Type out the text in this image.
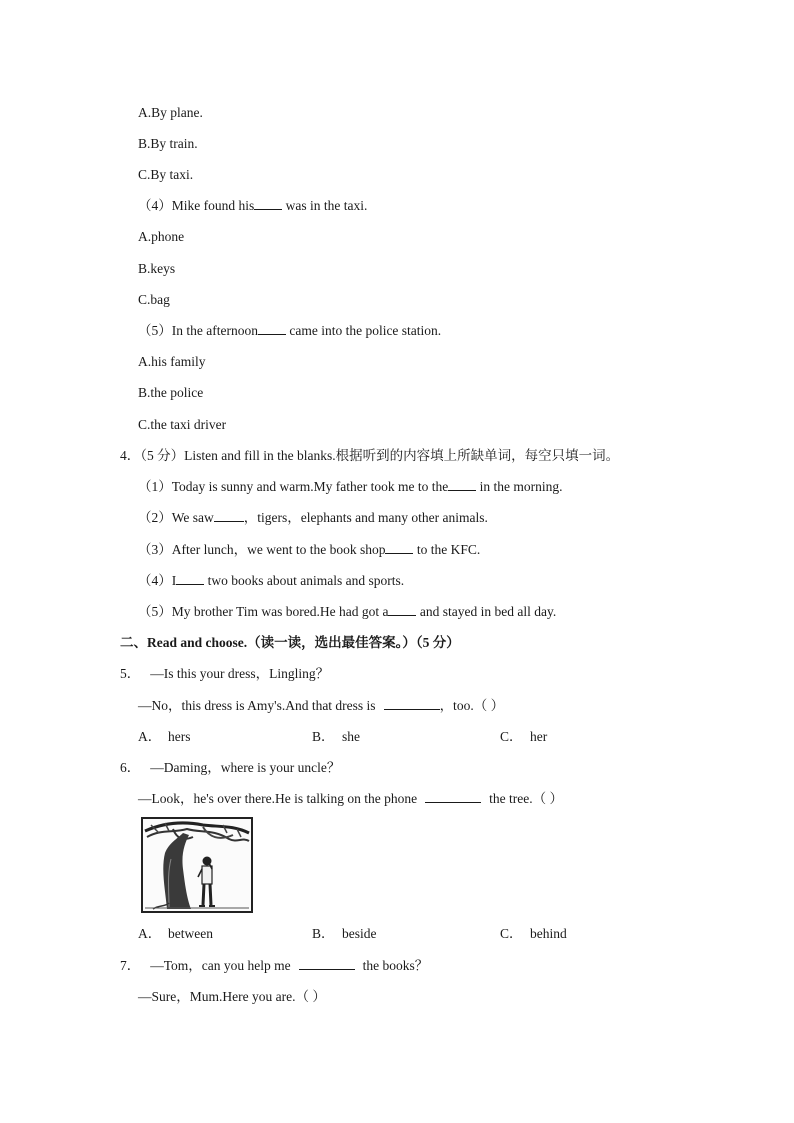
A.By plane.
B.By train.
C.By taxi.
（4）Mike found his was in the taxi.
A.phone
B.keys
C.bag
（5）In the afternoon came into the police station.
A.his family
B.the police
C.the taxi driver
4．（5 分）Listen and fill in the blanks.根据听到的内容填上所缺单词，每空只填一词。
（1）Today is sunny and warm.My father took me to the in the morning.
（2）We saw ，tigers，elephants and many other animals.
（3）After lunch，we went to the book shop to the KFC.
（4）I two books about animals and sports.
（5）My brother Tim was bored.He had got a and stayed in bed all day.
二、Read and choose.（读一读，选出最佳答案。）（5 分）
5． —Is this your dress，Lingling？
—No，this dress is Amy's.And that dress is	，too.（ ）
A． hers	B． she	C． her
6． —Daming，where is your uncle？
—Look，he's over there.He is talking on the phone	the tree.（ ）
A． between	B． beside	C． behind
7． —Tom，can you help me	the books？
—Sure，Mum.Here you are.（ ）
